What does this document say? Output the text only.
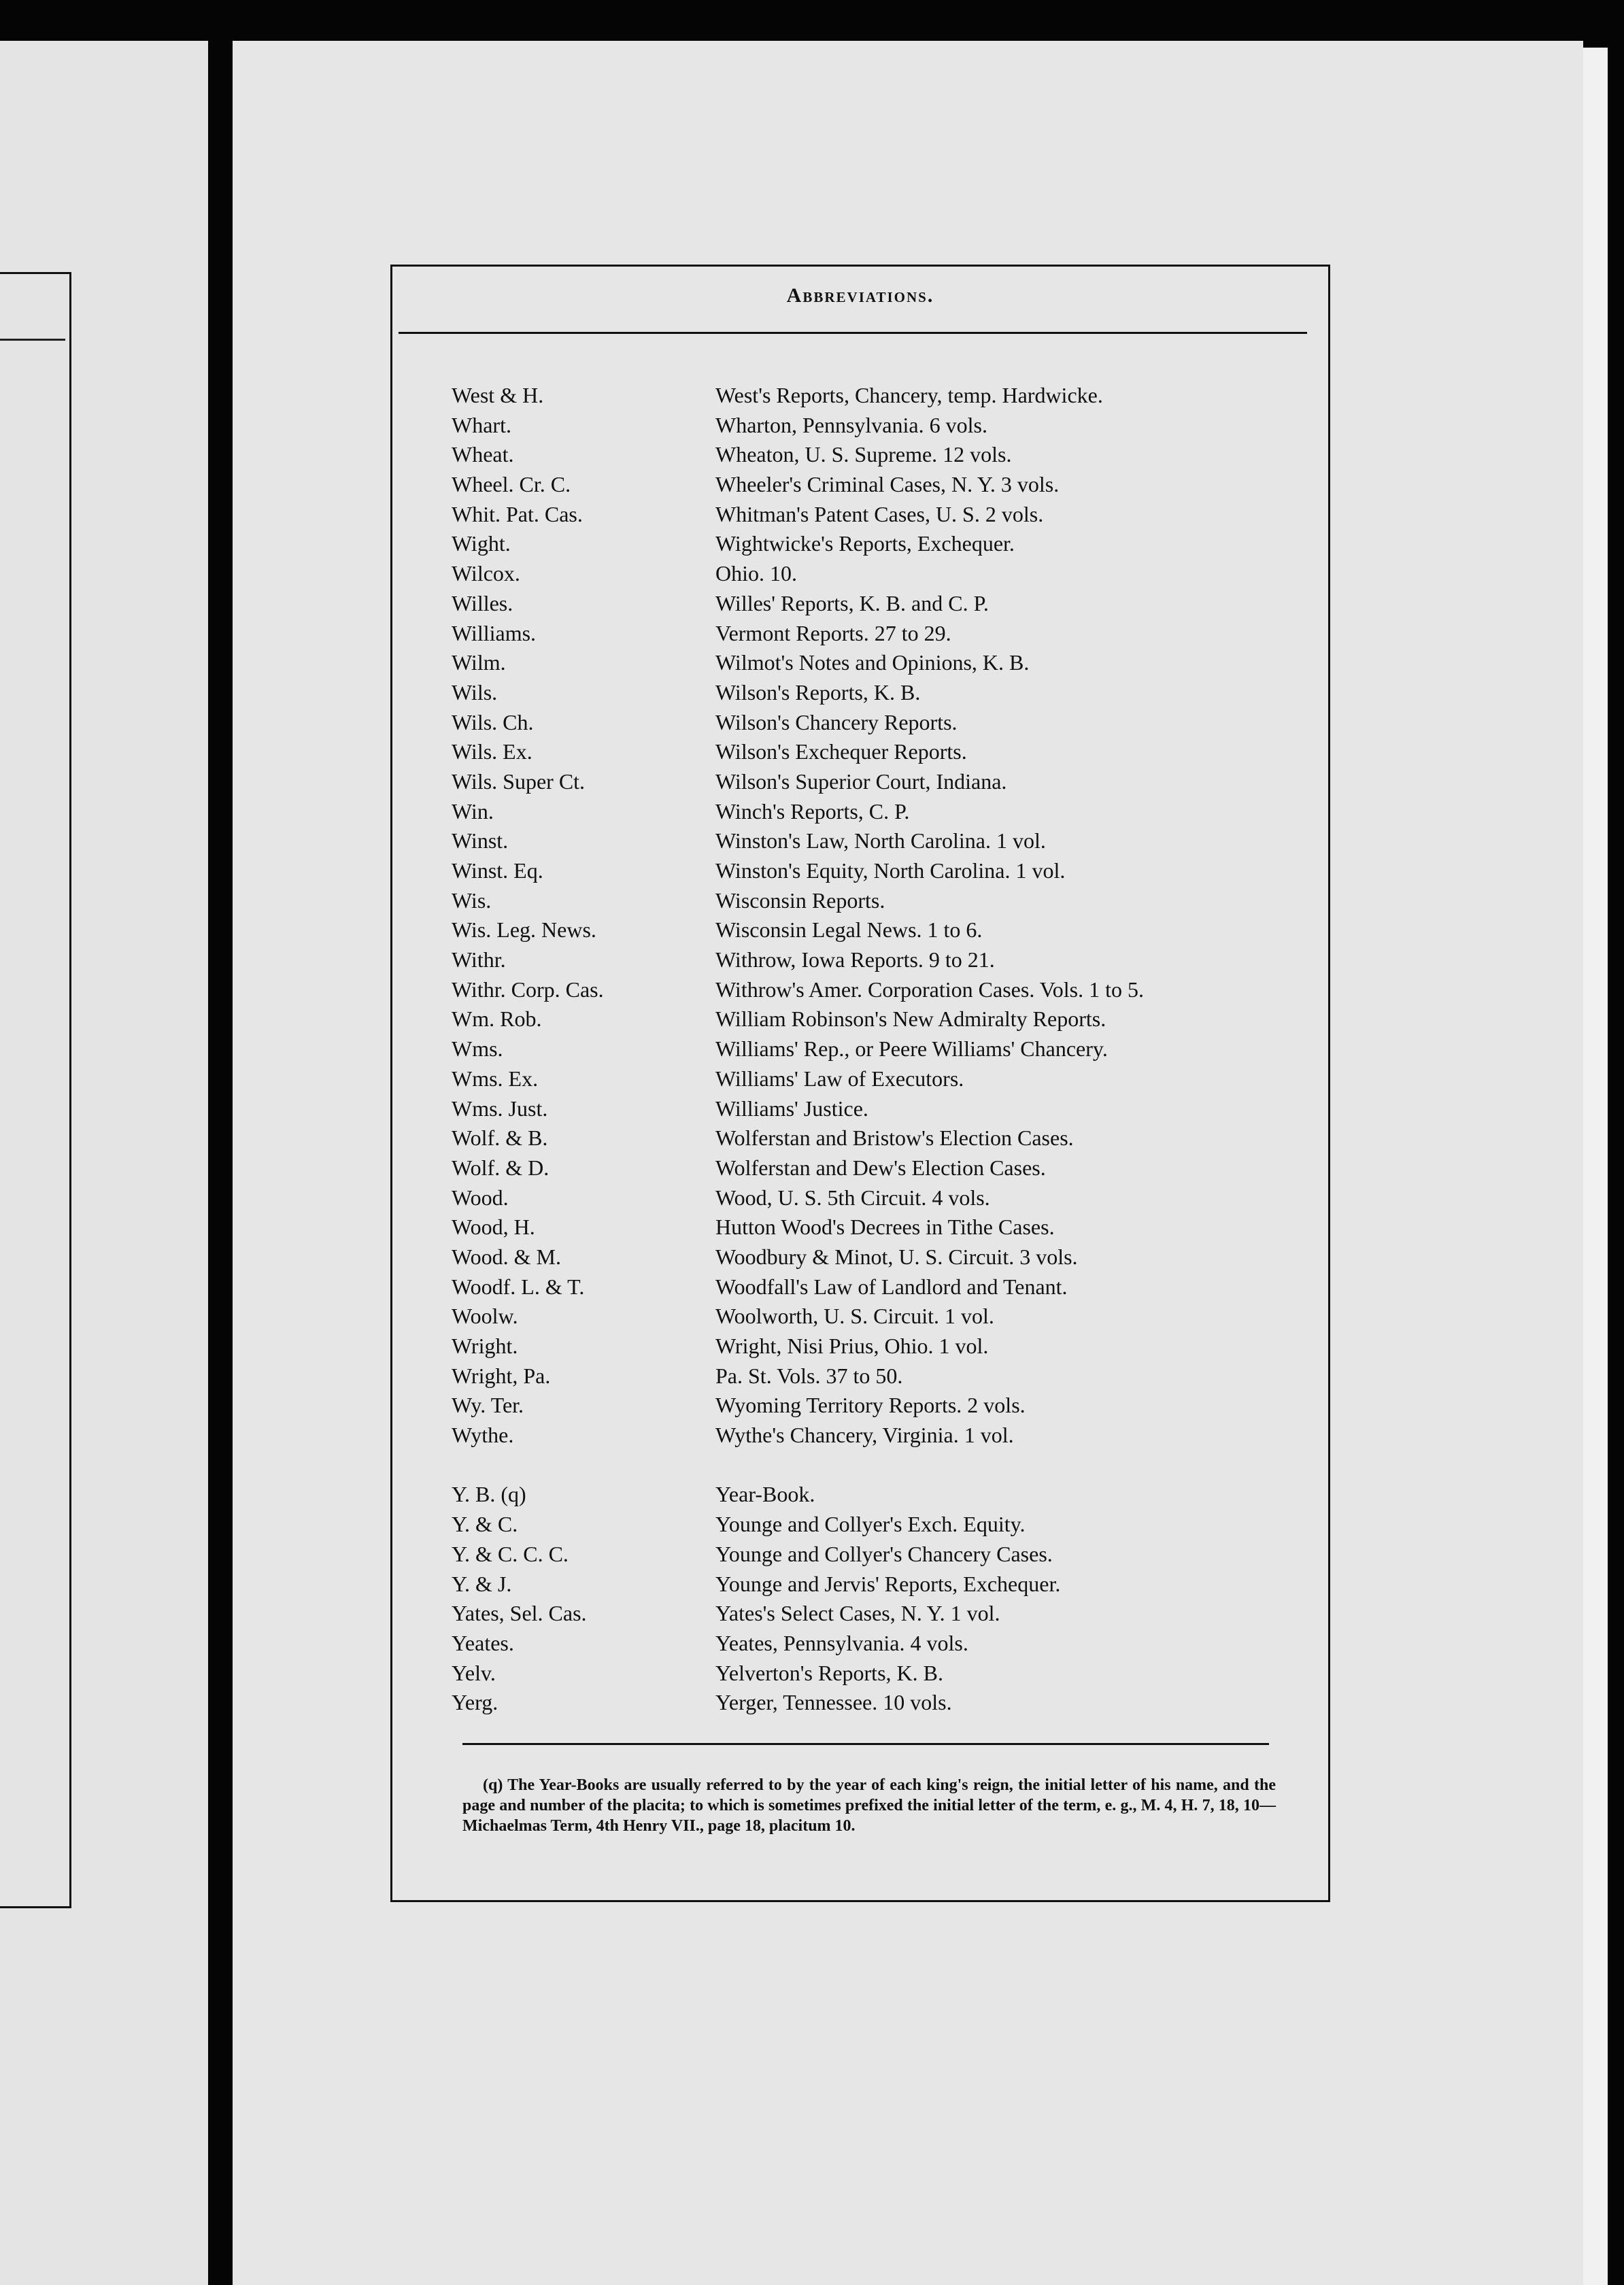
Abbreviations.
West & H.	West's Reports, Chancery, temp. Hardwicke.
Whart.	Wharton, Pennsylvania. 6 vols.
Wheat.	Wheaton, U. S. Supreme. 12 vols.
Wheel. Cr. C.	Wheeler's Criminal Cases, N. Y. 3 vols.
Whit. Pat. Cas.	Whitman's Patent Cases, U. S. 2 vols.
Wight.	Wightwicke's Reports, Exchequer.
Wilcox.	Ohio. 10.
Willes.	Willes' Reports, K. B. and C. P.
Williams.	Vermont Reports. 27 to 29.
Wilm.	Wilmot's Notes and Opinions, K. B.
Wils.	Wilson's Reports, K. B.
Wils. Ch.	Wilson's Chancery Reports.
Wils. Ex.	Wilson's Exchequer Reports.
Wils. Super Ct.	Wilson's Superior Court, Indiana.
Win.	Winch's Reports, C. P.
Winst.	Winston's Law, North Carolina. 1 vol.
Winst. Eq.	Winston's Equity, North Carolina. 1 vol.
Wis.	Wisconsin Reports.
Wis. Leg. News.	Wisconsin Legal News. 1 to 6.
Withr.	Withrow, Iowa Reports. 9 to 21.
Withr. Corp. Cas.	Withrow's Amer. Corporation Cases. Vols. 1 to 5.
Wm. Rob.	William Robinson's New Admiralty Reports.
Wms.	Williams' Rep., or Peere Williams' Chancery.
Wms. Ex.	Williams' Law of Executors.
Wms. Just.	Williams' Justice.
Wolf. & B.	Wolferstan and Bristow's Election Cases.
Wolf. & D.	Wolferstan and Dew's Election Cases.
Wood.	Wood, U. S. 5th Circuit. 4 vols.
Wood, H.	Hutton Wood's Decrees in Tithe Cases.
Wood. & M.	Woodbury & Minot, U. S. Circuit. 3 vols.
Woodf. L. & T.	Woodfall's Law of Landlord and Tenant.
Woolw.	Woolworth, U. S. Circuit. 1 vol.
Wright.	Wright, Nisi Prius, Ohio. 1 vol.
Wright, Pa.	Pa. St. Vols. 37 to 50.
Wy. Ter.	Wyoming Territory Reports. 2 vols.
Wythe.	Wythe's Chancery, Virginia. 1 vol.
Y. B. (q)	Year-Book.
Y. & C.	Younge and Collyer's Exch. Equity.
Y. & C. C. C.	Younge and Collyer's Chancery Cases.
Y. & J.	Younge and Jervis' Reports, Exchequer.
Yates, Sel. Cas.	Yates's Select Cases, N. Y. 1 vol.
Yeates.	Yeates, Pennsylvania. 4 vols.
Yelv.	Yelverton's Reports, K. B.
Yerg.	Yerger, Tennessee. 10 vols.
(q) The Year-Books are usually referred to by the year of each king's reign, the initial letter of his name, and the page and number of the placita; to which is sometimes prefixed the initial letter of the term, e. g., M. 4, H. 7, 18, 10—Michaelmas Term, 4th Henry VII., page 18, placitum 10.
